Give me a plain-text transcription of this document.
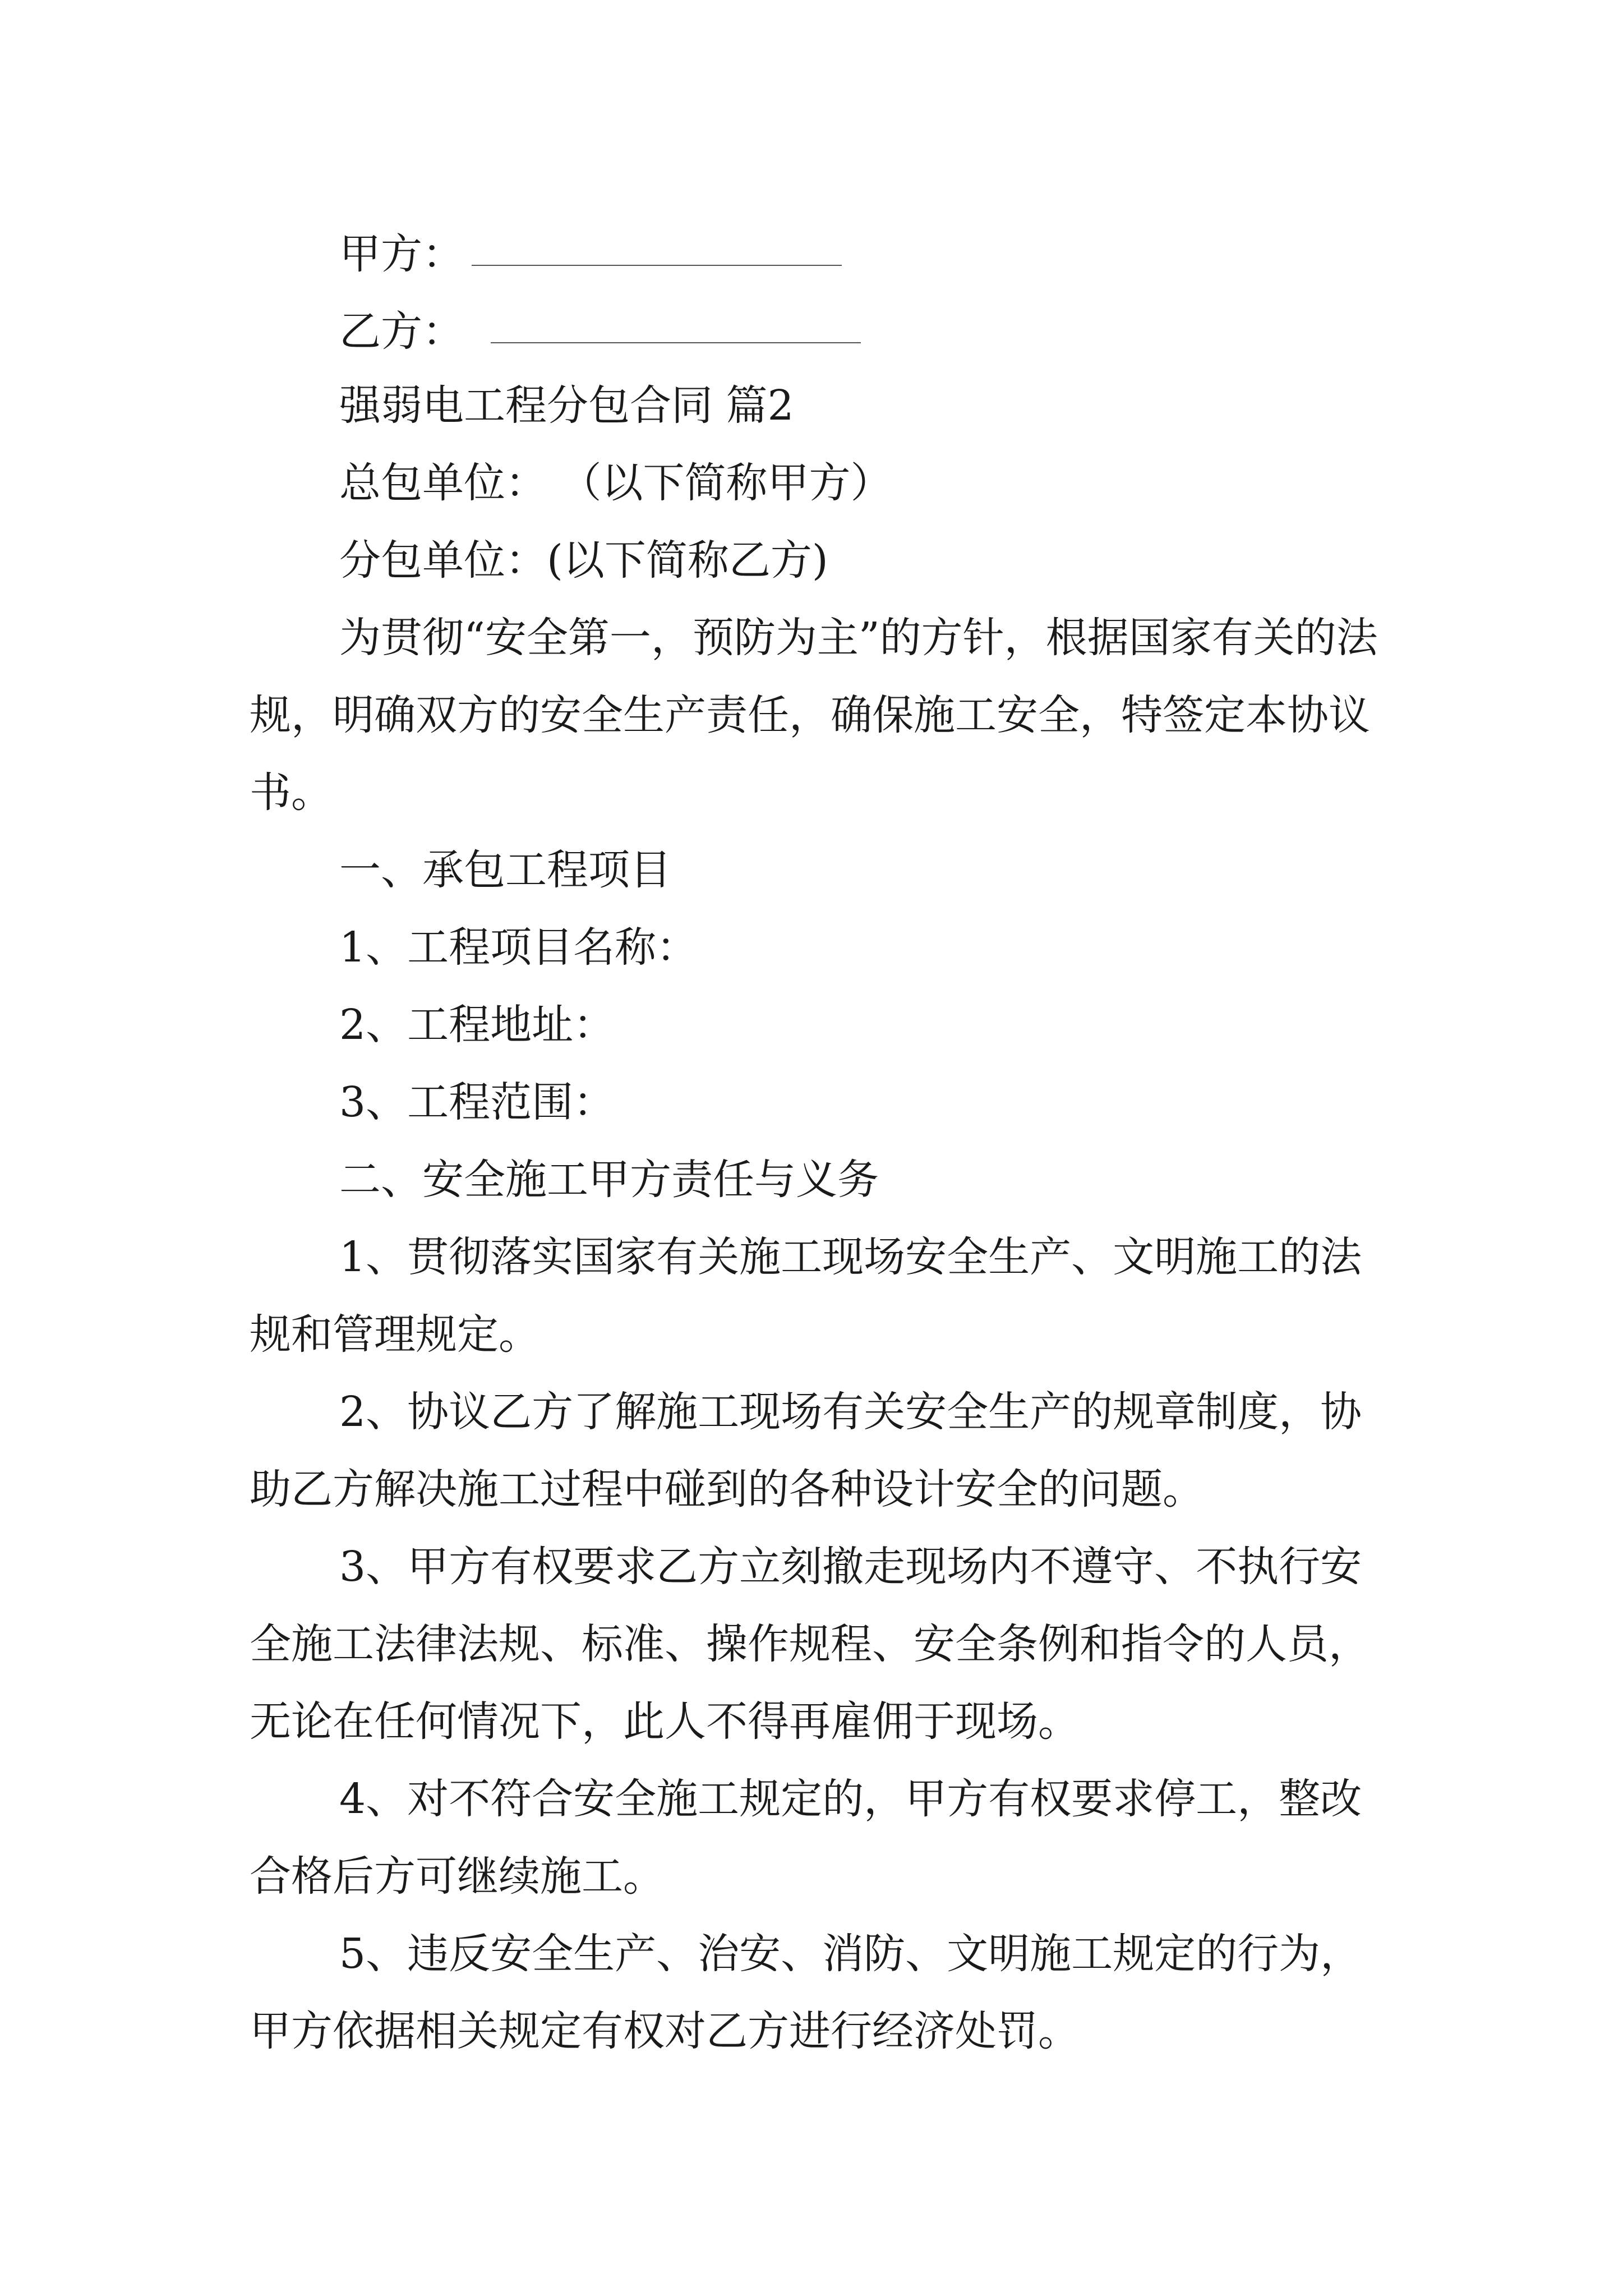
甲方：
乙方：

强弱电工程分包合同 篇2

总包单位： （以下简称甲方）

分包单位：(以下简称乙方)

为贯彻“安全第一，预防为主”的方针，根据国家有关的法规，明确双方的安全生产责任，确保施工安全，特签定本协议书。

一、承包工程项目

1、工程项目名称：

2、工程地址：

3、工程范围：

二、安全施工甲方责任与义务

1、贯彻落实国家有关施工现场安全生产、文明施工的法规和管理规定。

2、协议乙方了解施工现场有关安全生产的规章制度，协助乙方解决施工过程中碰到的各种设计安全的问题。

3、甲方有权要求乙方立刻撤走现场内不遵守、不执行安全施工法律法规、标准、操作规程、安全条例和指令的人员，无论在任何情况下，此人不得再雇佣于现场。

4、对不符合安全施工规定的，甲方有权要求停工，整改合格后方可继续施工。

5、违反安全生产、治安、消防、文明施工规定的行为，甲方依据相关规定有权对乙方进行经济处罚。
